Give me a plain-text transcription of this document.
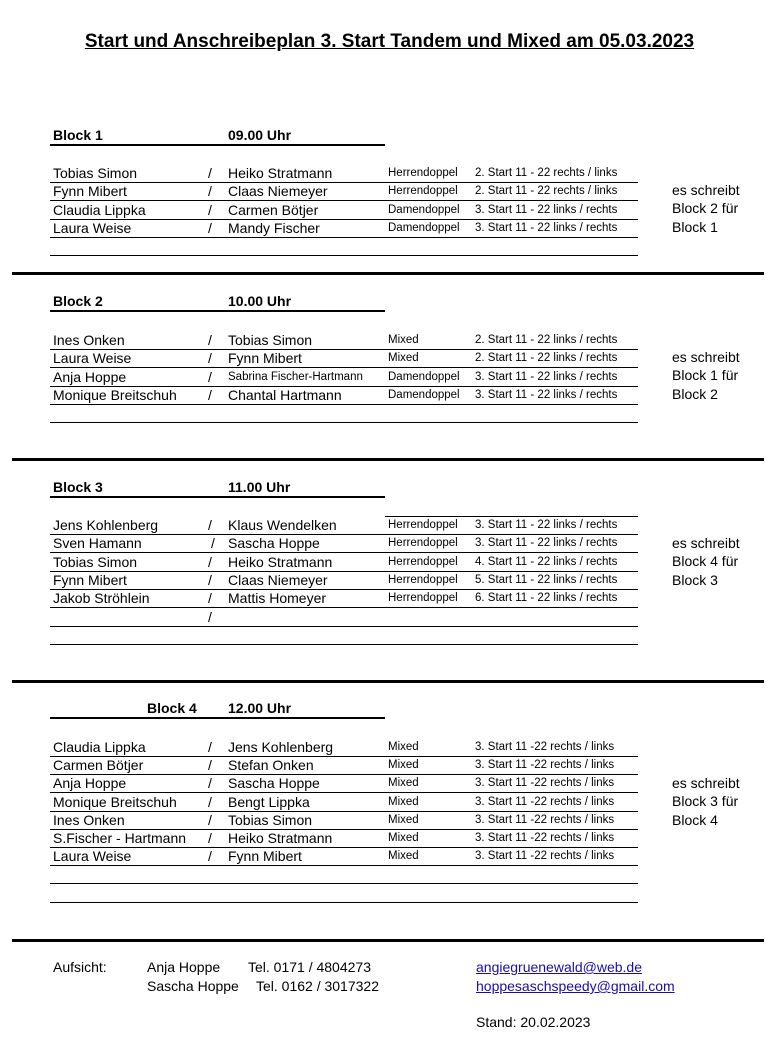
Start und Anschreibeplan 3. Start Tandem und Mixed am 05.03.2023
Block 1	09.00 Uhr
Tobias Simon	/ Heiko Stratmann	Herrendoppel 2. Start 11 - 22 rechts / links
Fynn Mibert	/ Claas Niemeyer	Herrendoppel 2. Start 11 - 22 rechts / links
Claudia Lippka	/ Carmen Bötjer	Damendoppel 3. Start 11 - 22 links / rechts
Laura Weise	/ Mandy Fischer	Damendoppel 3. Start 11 - 22 links / rechts
es schreibt
Block 2 für
Block 1
Block 2	10.00 Uhr
Ines Onken	/ Tobias Simon	Mixed	2. Start 11 - 22 links / rechts
Laura Weise	/ Fynn Mibert	Mixed	2. Start 11 - 22 links / rechts
Anja Hoppe	/ Sabrina Fischer-Hartmann Damendoppel 3. Start 11 - 22 links / rechts
Monique Breitschuh / Chantal Hartmann	Damendoppel 3. Start 11 - 22 links / rechts
es schreibt
Block 1 für
Block 2
Block 3	11.00 Uhr
Jens Kohlenberg	/ Klaus Wendelken	Herrendoppel 3. Start 11 - 22 links / rechts
Sven Hamann	/ Sascha Hoppe	Herrendoppel 3. Start 11 - 22 links / rechts
Tobias Simon	/ Heiko Stratmann	Herrendoppel 4. Start 11 - 22 links / rechts
Fynn Mibert	/ Claas Niemeyer	Herrendoppel 5. Start 11 - 22 links / rechts
Jakob Ströhlein	/ Mattis Homeyer	Herrendoppel 6. Start 11 - 22 links / rechts
/
es schreibt
Block 4 für
Block 3
Block 4 12.00 Uhr
Claudia Lippka	/ Jens Kohlenberg	Mixed	3. Start 11 -22 rechts / links
Carmen Bötjer	/ Stefan Onken	Mixed	3. Start 11 -22 rechts / links
Anja Hoppe	/ Sascha Hoppe	Mixed	3. Start 11 -22 rechts / links
Monique Breitschuh / Bengt Lippka	Mixed	3. Start 11 -22 rechts / links
Ines Onken	/ Tobias Simon	Mixed	3. Start 11 -22 rechts / links
S.Fischer - Hartmann / Heiko Stratmann	Mixed	3. Start 11 -22 rechts / links
Laura Weise	/ Fynn Mibert	Mixed	3. Start 11 -22 rechts / links
es schreibt
Block 3 für
Block 4
Aufsicht:	Anja Hoppe Tel. 0171 / 4804273
Sascha Hoppe Tel. 0162 / 3017322
angiegruenewald@web.de
hoppesaschspeedy@gmail.com
Stand: 20.02.2023
